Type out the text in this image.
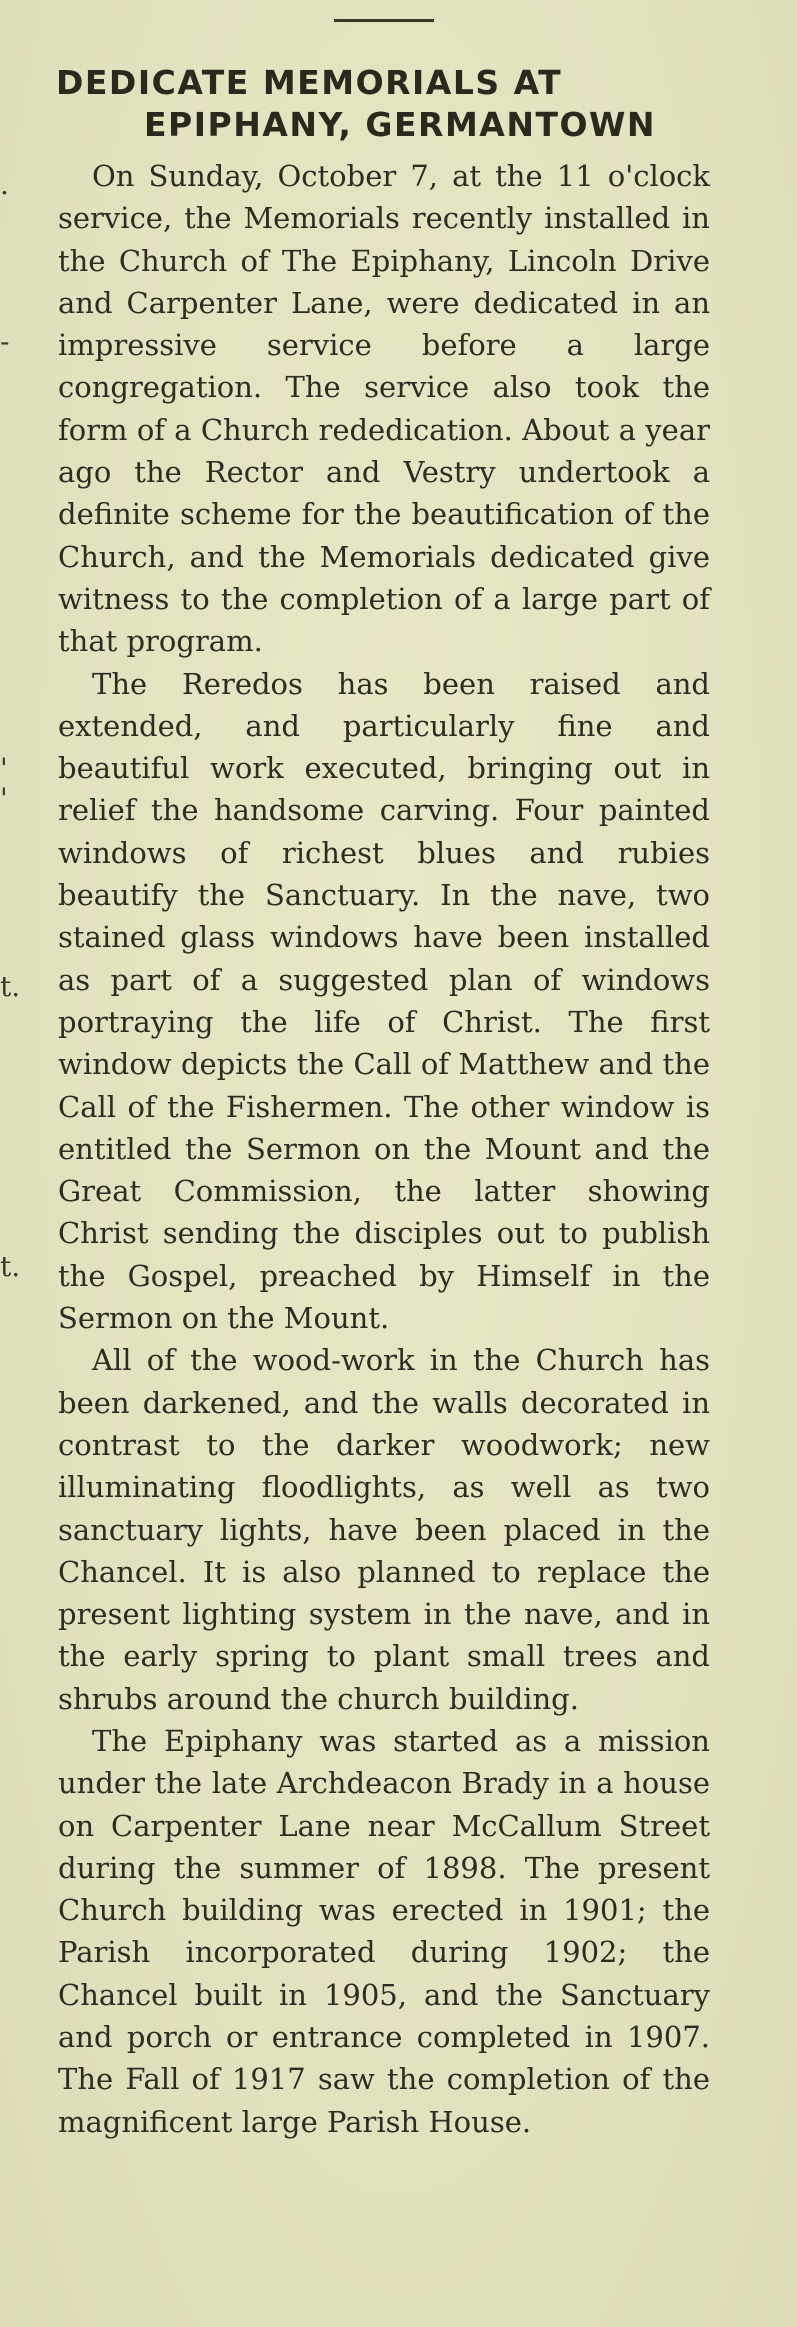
.
-
'
'
t.
t.
DEDICATE MEMORIALS AT
EPIPHANY, GERMANTOWN

On Sunday, October 7, at the 11 o'clock service, the Memorials recently installed in the Church of The Epiphany, Lincoln Drive and Carpenter Lane, were dedicated in an impressive service before a large congregation. The service also took the form of a Church rededication. About a year ago the Rector and Vestry undertook a definite scheme for the beautification of the Church, and the Memorials dedicated give witness to the completion of a large part of that program.

The Reredos has been raised and extended, and particularly fine and beautiful work executed, bringing out in relief the handsome carving. Four painted windows of richest blues and rubies beautify the Sanctuary. In the nave, two stained glass windows have been installed as part of a suggested plan of windows portraying the life of Christ. The first window depicts the Call of Matthew and the Call of the Fishermen. The other window is entitled the Sermon on the Mount and the Great Commission, the latter showing Christ sending the disciples out to publish the Gospel, preached by Himself in the Sermon on the Mount.

All of the wood-work in the Church has been darkened, and the walls decorated in contrast to the darker woodwork; new illuminating floodlights, as well as two sanctuary lights, have been placed in the Chancel. It is also planned to replace the present lighting system in the nave, and in the early spring to plant small trees and shrubs around the church building.

The Epiphany was started as a mission under the late Archdeacon Brady in a house on Carpenter Lane near McCallum Street during the summer of 1898. The present Church building was erected in 1901; the Parish incorporated during 1902; the Chancel built in 1905, and the Sanctuary and porch or entrance completed in 1907. The Fall of 1917 saw the completion of the magnificent large Parish House.
